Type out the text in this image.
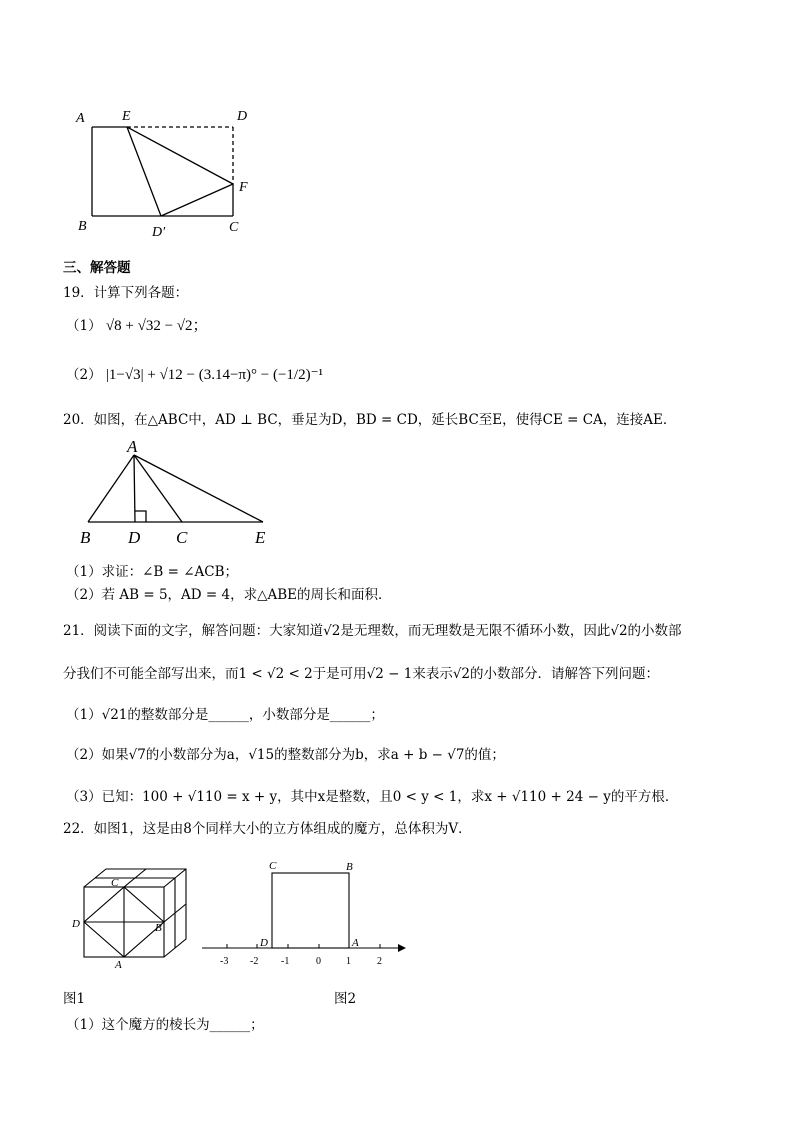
A	E	D
F
B	D′	C
三、解答题
19．计算下列各题：
（1） √8 + √32 − √2；
（2） |1−√3| + √12 − (3.14−π)° − (−1/2)⁻¹
20．如图，在△ABC中，AD ⊥ BC，垂足为D，BD = CD，延长BC至E，使得CE = CA，连接AE．
A
B D C	E
（1）求证：∠B = ∠ACB；
（2）若 AB = 5，AD = 4，求△ABE的周长和面积．
21．阅读下面的文字，解答问题：大家知道√2是无理数，而无理数是无限不循环小数，因此√2的小数部
分我们不可能全部写出来，而1 < √2 < 2于是可用√2 − 1来表示√2的小数部分．请解答下列问题：
（1）√21的整数部分是______，小数部分是______；
（2）如果√7的小数部分为a，√15的整数部分为b，求a + b − √7的值；
（3）已知：100 + √110 = x + y，其中x是整数，且0 < y < 1，求x + √110 + 24 − y的平方根．
22．如图1，这是由8个同样大小的立方体组成的魔方，总体积为V．
C
D	B
A	-3 -2 -1	0	1	2
C	B
D	A
图1	图2
（1）这个魔方的棱长为______；
